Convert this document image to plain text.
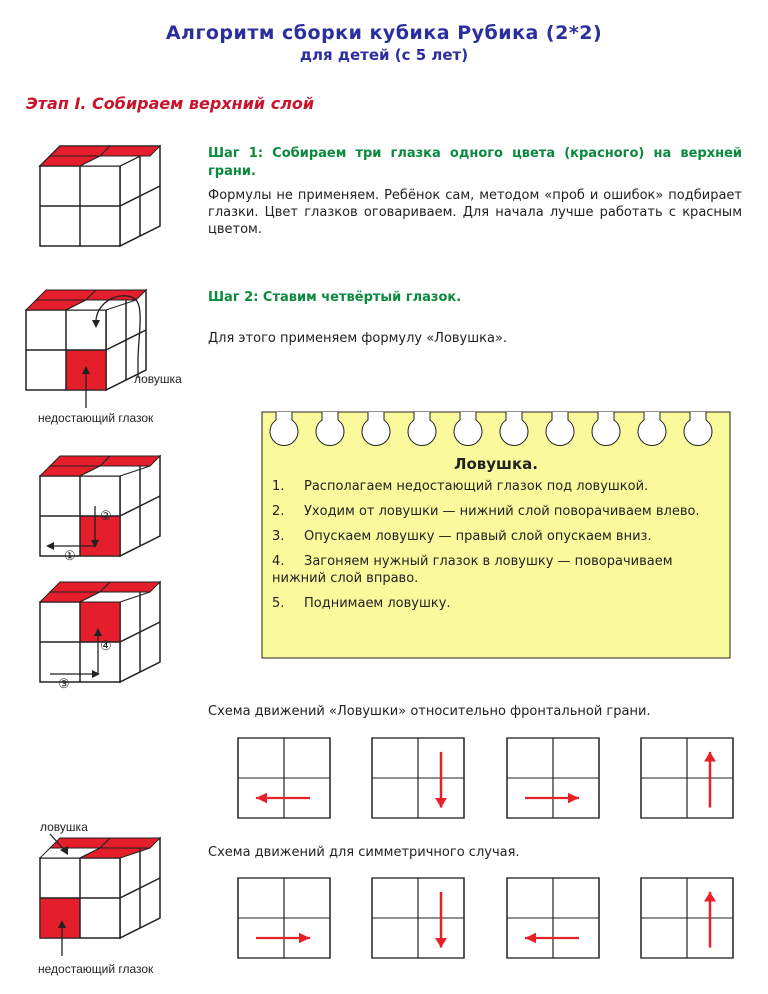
Алгоритм сборки кубика Рубика (2*2)
для детей (с 5 лет)
Этап I. Собираем верхний слой
Шаг 1: Собираем три глазка одного цвета (красного) на верхней грани.
Формулы не применяем. Ребёнок сам, методом «проб и ошибок» подбирает глазки. Цвет глазков оговариваем. Для начала лучше работать с красным цветом.
Шаг 2: Ставим четвёртый глазок.
Для этого применяем формулу «Ловушка».
ловушка
недостающий глазок
②
①
④
③
ловушка
недостающий глазок
Ловушка.
1. Располагаем недостающий глазок под ловушкой.
2. Уходим от ловушки — нижний слой поворачиваем влево.
3. Опускаем ловушку — правый слой опускаем вниз.
4. Загоняем нужный глазок в ловушку — поворачиваем нижний слой вправо.
5. Поднимаем ловушку.
Схема движений «Ловушки» относительно фронтальной грани.
Схема движений для симметричного случая.
